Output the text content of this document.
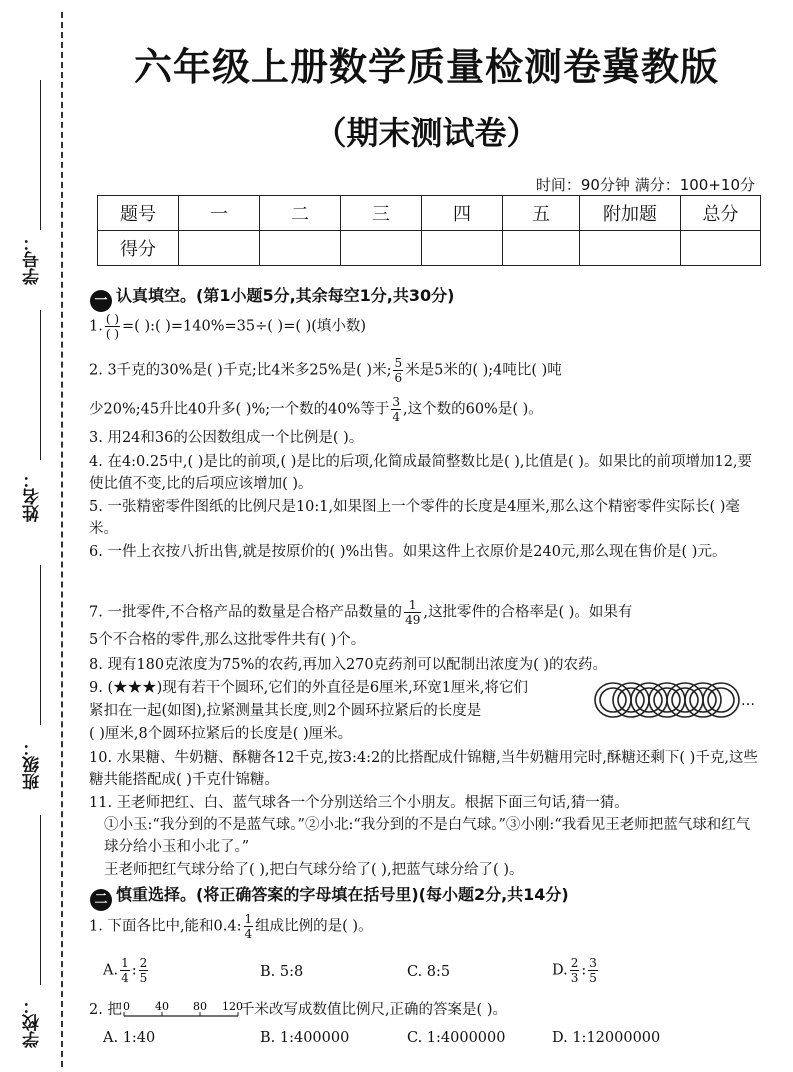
学号：
姓名：
班级：
学校：
六年级上册数学质量检测卷冀教版
（期末测试卷）
时间：90分钟 满分：100+10分
题号	一	二	三	四	五	附加题	总分
得分							
一 认真填空。(第1小题5分,其余每空1分,共30分)
1. $\frac{( )}{( )}$ =( ):( )=140%=35÷( )=( )(填小数)
2. 3千克的30%是( )千克;比4米多25%是( )米; $\frac{5}{6}$ 米是5米的( );4吨比( )吨
少20%;45升比40升多( )%;一个数的40%等于 $\frac{3}{4}$ ,这个数的60%是( )。
3. 用24和36的公因数组成一个比例是( )。
4. 在4:0.25中,( )是比的前项,( )是比的后项,化简成最简整数比是( ),比值是( )。如果比的前项增加12,要使比值不变,比的后项应该增加( )。
5. 一张精密零件图纸的比例尺是10:1,如果图上一个零件的长度是4厘米,那么这个精密零件实际长( )毫米。
6. 一件上衣按八折出售,就是按原价的( )%出售。如果这件上衣原价是240元,那么现在售价是( )元。
7. 一批零件,不合格产品的数量是合格产品数量的 $\frac{1}{49}$ ,这批零件的合格率是( )。如果有
5个不合格的零件,那么这批零件共有( )个。
8. 现有180克浓度为75%的农药,再加入270克药剂可以配制出浓度为( )的农药。
9. (★★★)现有若干个圆环,它们的外直径是6厘米,环宽1厘米,将它们
紧扣在一起(如图),拉紧测量其长度,则2个圆环拉紧后的长度是
( )厘米,8个圆环拉紧后的长度是( )厘米。
…
10. 水果糖、牛奶糖、酥糖各12千克,按3:4:2的比搭配成什锦糖,当牛奶糖用完时,酥糖还剩下( )千克,这些糖共能搭配成( )千克什锦糖。
11. 王老师把红、白、蓝气球各一个分别送给三个小朋友。根据下面三句话,猜一猜。
①小玉:“我分到的不是蓝气球。”②小北:“我分到的不是白气球。”③小刚:“我看见王老师把蓝气球和红气球分给小玉和小北了。”
王老师把红气球分给了( ),把白气球分给了( ),把蓝气球分给了( )。
二 慎重选择。(将正确答案的字母填在括号里)(每小题2分,共14分)
1. 下面各比中,能和0.4: $\frac{1}{4}$ 组成比例的是( )。
A. $\frac{1}{4}$ : $\frac{2}{5}$	B. 5:8	C. 8:5	D. $\frac{2}{3}$ : $\frac{3}{5}$
2. 把 0 40 80 120
千米改写成数值比例尺,正确的答案是( )。
A. 1:40	B. 1:400000	C. 1:4000000	D. 1:12000000
